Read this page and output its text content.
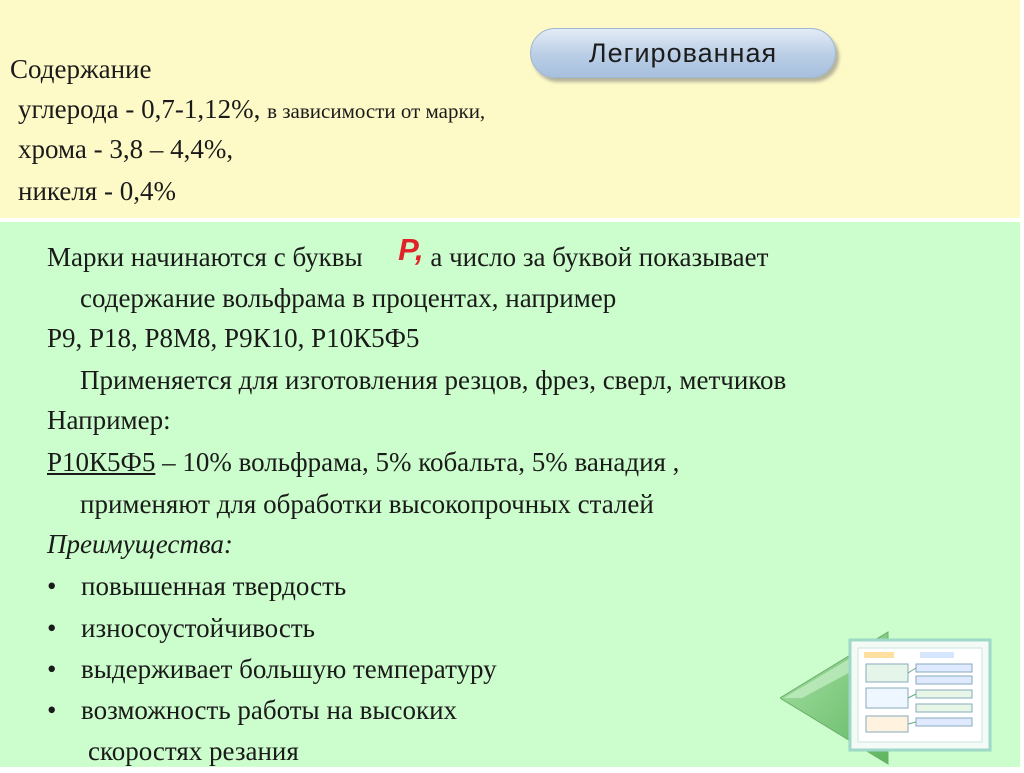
Легированная
Содержание
углерода - 0,7-1,12%, в зависимости от марки,
хрома - 3,8 – 4,4%,
никеля - 0,4%
Марки начинаются с буквы Р, а число за буквой показывает
содержание вольфрама в процентах, например
Р9, Р18, Р8М8, Р9К10, Р10К5Ф5
Применяется для изготовления резцов, фрез, сверл, метчиков
Например:
Р10К5Ф5 – 10% вольфрама, 5% кобальта, 5% ванадия ,
применяют для обработки высокопрочных сталей
Преимущества:
• повышенная твердость
• износоустойчивость
• выдерживает большую температуру
• возможность работы на высоких
скоростях резания
